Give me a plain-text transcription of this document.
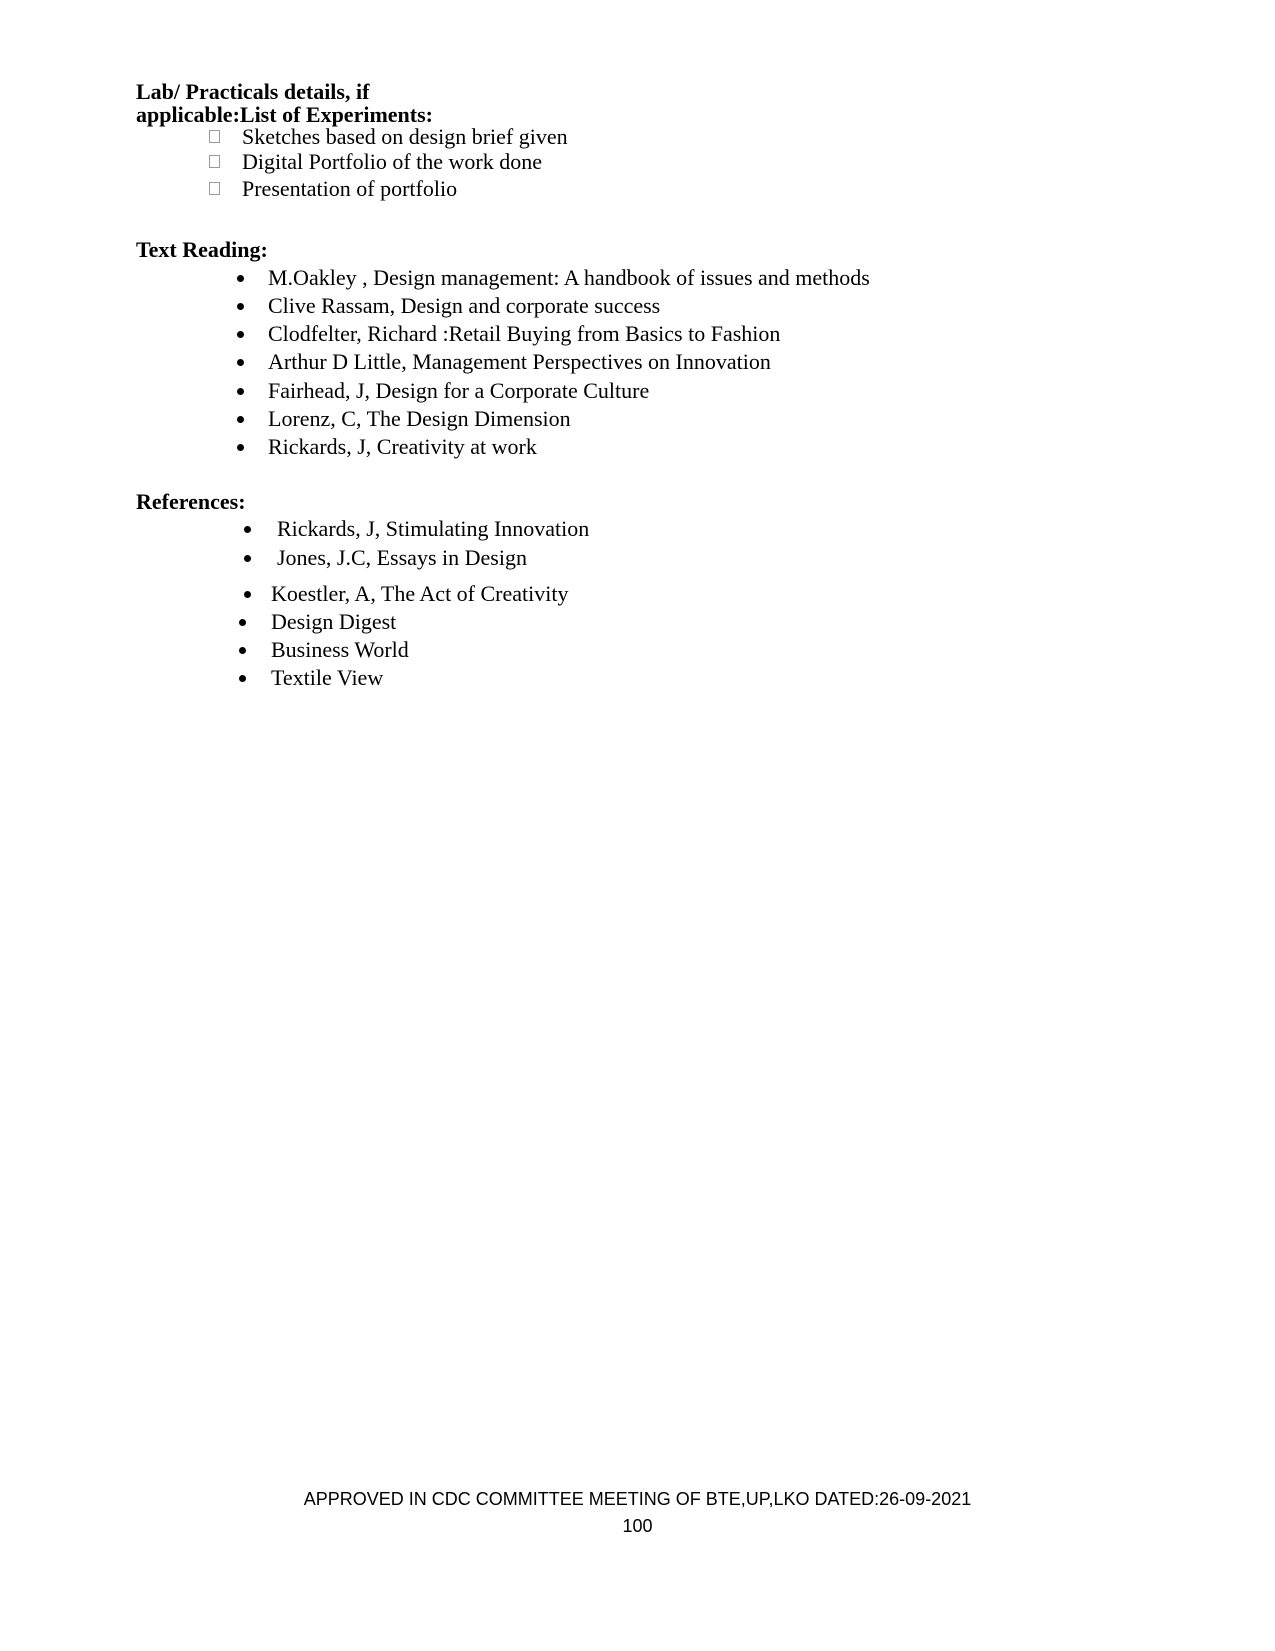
Lab/ Practicals details, if
applicable:List of Experiments:
Sketches based on design brief given
Digital Portfolio of the work done
Presentation of portfolio
Text Reading:
M.Oakley , Design management: A handbook of issues and methods
Clive Rassam, Design and corporate success
Clodfelter, Richard :Retail Buying from Basics to Fashion
Arthur D Little, Management Perspectives on Innovation
Fairhead, J, Design for a Corporate Culture
Lorenz, C, The Design Dimension
Rickards, J, Creativity at work
References:
Rickards, J, Stimulating Innovation
Jones, J.C, Essays in Design
Koestler, A, The Act of Creativity
Design Digest
Business World
Textile View
APPROVED IN CDC COMMITTEE MEETING OF BTE,UP,LKO DATED:26-09-2021
100
